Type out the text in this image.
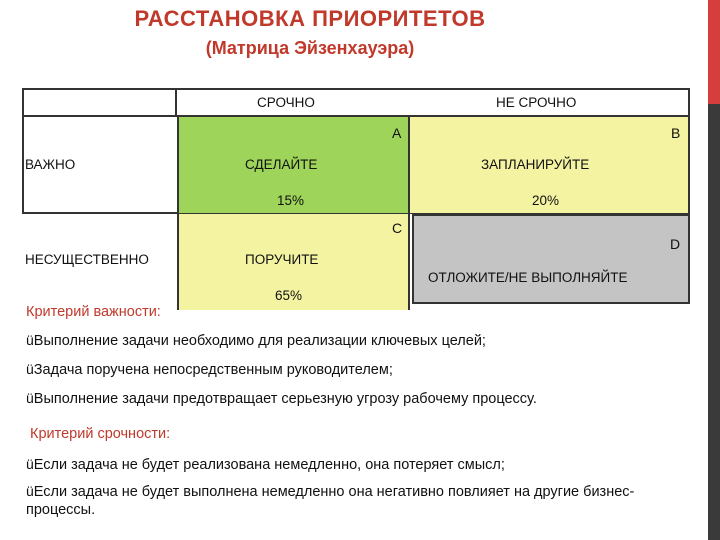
РАССТАНОВКА ПРИОРИТЕТОВ
(Матрица Эйзенхауэра)
СРОЧНО	НЕ СРОЧНО
ВАЖНО
НЕСУЩЕСТВЕННО
A
СДЕЛАЙТЕ
15%
B
ЗАПЛАНИРУЙТЕ
20%
C
ПОРУЧИТЕ
65%
D
ОТЛОЖИТЕ/НЕ ВЫПОЛНЯЙТЕ
Критерий важности:
üВыполнение задачи необходимо для реализации ключевых целей;
üЗадача поручена непосредственным руководителем;
üВыполнение задачи предотвращает серьезную угрозу рабочему процессу.
Критерий срочности:
üЕсли задача не будет реализована немедленно, она потеряет смысл;
üЕсли задача не будет выполнена немедленно она негативно повлияет на другие бизнес- процессы.
